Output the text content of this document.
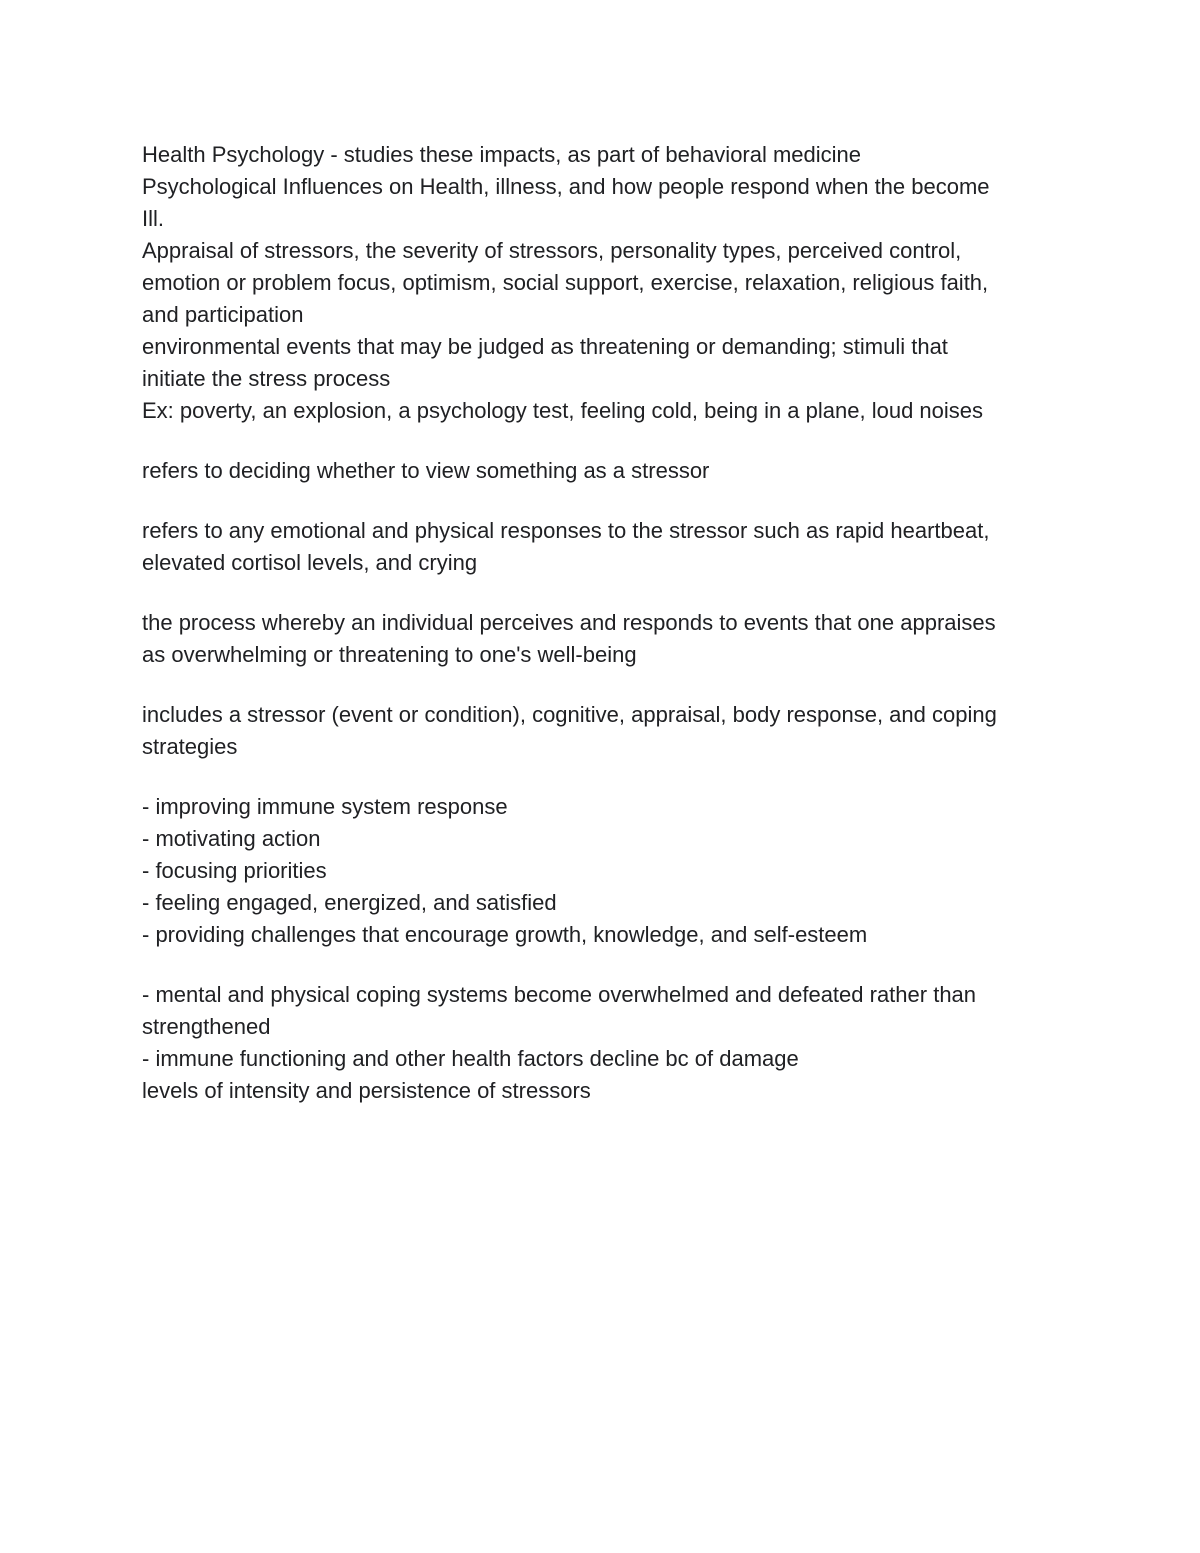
Health Psychology - studies these impacts, as part of behavioral medicine

Psychological Influences on Health, illness, and how people respond when the become

Ill.

Appraisal of stressors, the severity of stressors, personality types, perceived control,

emotion or problem focus, optimism, social support, exercise, relaxation, religious faith,

and participation

environmental events that may be judged as threatening or demanding; stimuli that

initiate the stress process

Ex: poverty, an explosion, a psychology test, feeling cold, being in a plane, loud noises

refers to deciding whether to view something as a stressor

refers to any emotional and physical responses to the stressor such as rapid heartbeat,

elevated cortisol levels, and crying

the process whereby an individual perceives and responds to events that one appraises

as overwhelming or threatening to one's well-being

includes a stressor (event or condition), cognitive, appraisal, body response, and coping

strategies

- improving immune system response

- motivating action

- focusing priorities

- feeling engaged, energized, and satisfied

- providing challenges that encourage growth, knowledge, and self-esteem

- mental and physical coping systems become overwhelmed and defeated rather than

strengthened

- immune functioning and other health factors decline bc of damage

levels of intensity and persistence of stressors
